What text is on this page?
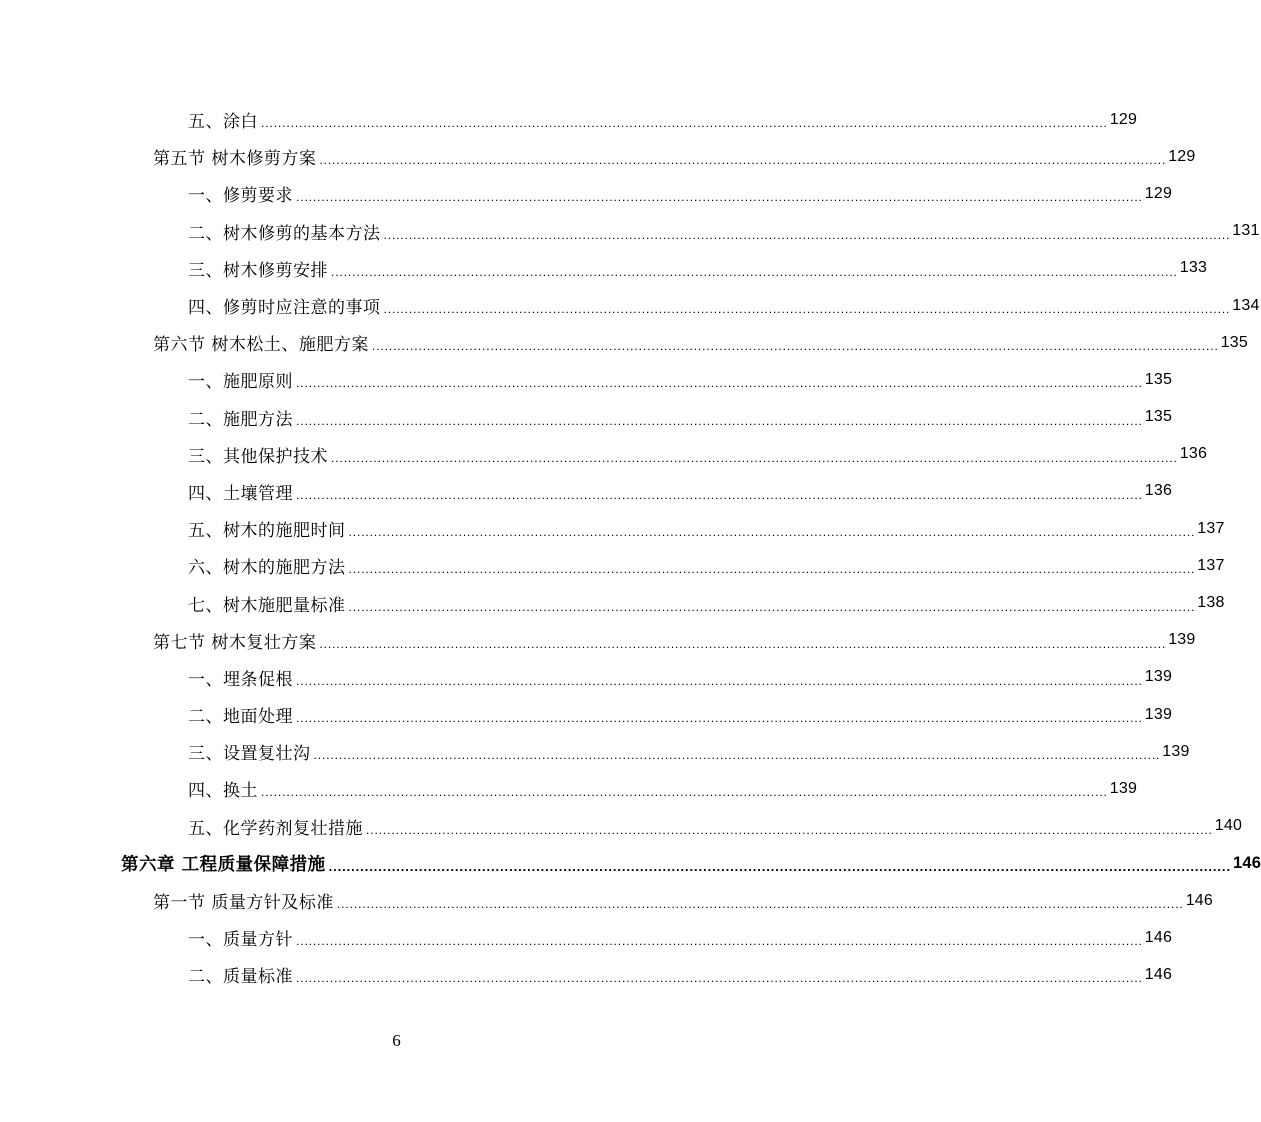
五、涂白 ........................................................................................................................................................................................................ 129
第五节 树木修剪方案 ........................................................................................................................................................................................................ 129
一、修剪要求 ........................................................................................................................................................................................................ 129
二、树木修剪的基本方法 ........................................................................................................................................................................................................ 131
三、树木修剪安排 ........................................................................................................................................................................................................ 133
四、修剪时应注意的事项 ........................................................................................................................................................................................................ 134
第六节 树木松土、施肥方案 ........................................................................................................................................................................................................ 135
一、施肥原则 ........................................................................................................................................................................................................ 135
二、施肥方法 ........................................................................................................................................................................................................ 135
三、其他保护技术 ........................................................................................................................................................................................................ 136
四、土壤管理 ........................................................................................................................................................................................................ 136
五、树木的施肥时间 ........................................................................................................................................................................................................ 137
六、树木的施肥方法 ........................................................................................................................................................................................................ 137
七、树木施肥量标准 ........................................................................................................................................................................................................ 138
第七节 树木复壮方案 ........................................................................................................................................................................................................ 139
一、埋条促根 ........................................................................................................................................................................................................ 139
二、地面处理 ........................................................................................................................................................................................................ 139
三、设置复壮沟 ........................................................................................................................................................................................................ 139
四、换土 ........................................................................................................................................................................................................ 139
五、化学药剂复壮措施 ........................................................................................................................................................................................................ 140
第六章 工程质量保障措施 ........................................................................................................................................................................................................ 146
第一节 质量方针及标准 ........................................................................................................................................................................................................ 146
一、质量方针 ........................................................................................................................................................................................................ 146
二、质量标准 ........................................................................................................................................................................................................ 146
6
